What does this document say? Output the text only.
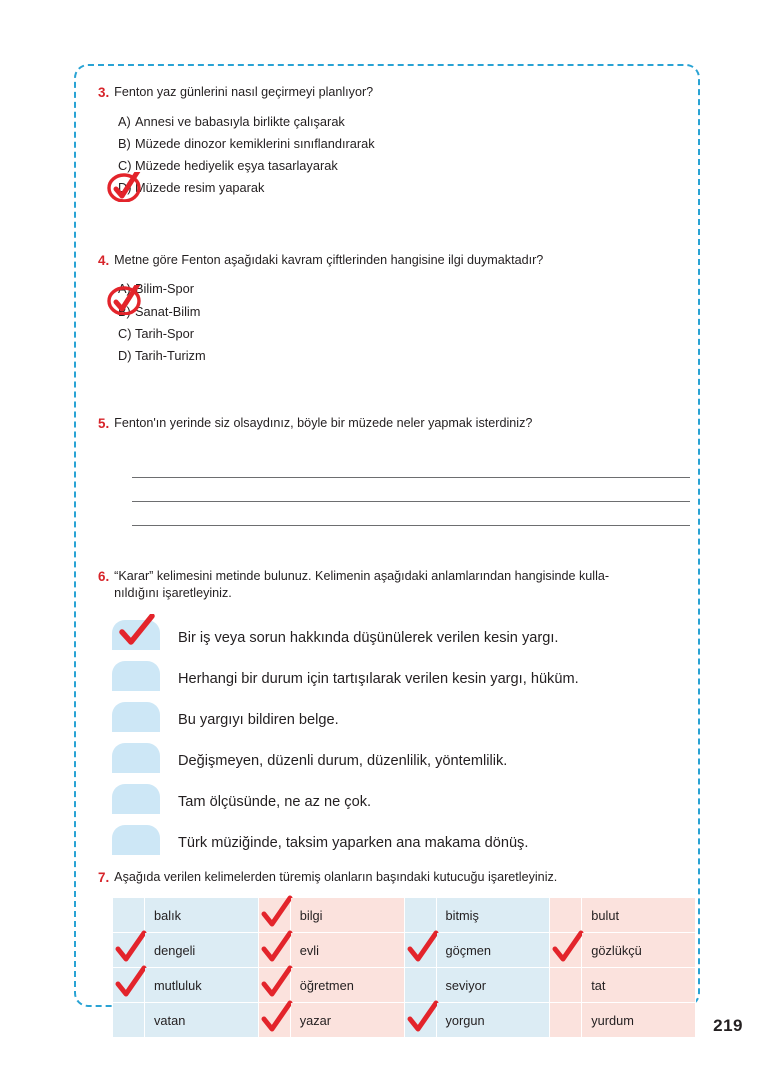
3. Fenton yaz günlerini nasıl geçirmeyi planlıyor?
A) Annesi ve babasıyla birlikte çalışarak
B) Müzede dinozor kemiklerini sınıflandırarak
C) Müzede hediyelik eşya tasarlayarak
D) Müzede resim yaparak
4. Metne göre Fenton aşağıdaki kavram çiftlerinden hangisine ilgi duymaktadır?
A) Bilim-Spor
B) Sanat-Bilim
C) Tarih-Spor
D) Tarih-Turizm
5. Fenton'ın yerinde siz olsaydınız, böyle bir müzede neler yapmak isterdiniz?
6. “Karar” kelimesini metinde bulunuz. Kelimenin aşağıdaki anlamlarından hangisinde kulla-
nıldığını işaretleyiniz.
Bir iş veya sorun hakkında düşünülerek verilen kesin yargı.
Herhangi bir durum için tartışılarak verilen kesin yargı, hüküm.
Bu yargıyı bildiren belge.
Değişmeyen, düzenli durum, düzenlilik, yöntemlilik.
Tam ölçüsünde, ne az ne çok.
Türk müziğinde, taksim yaparken ana makama dönüş.
7. Aşağıda verilen kelimelerden türemiş olanların başındaki kutucuğu işaretleyiniz.
	balık		bilgi		bitmiş		bulut

	dengeli		evli		göçmen		gözlükçü

	mutluluk		öğretmen		seviyor		tat
	vatan		yazar		yorgun		yurdum	219
